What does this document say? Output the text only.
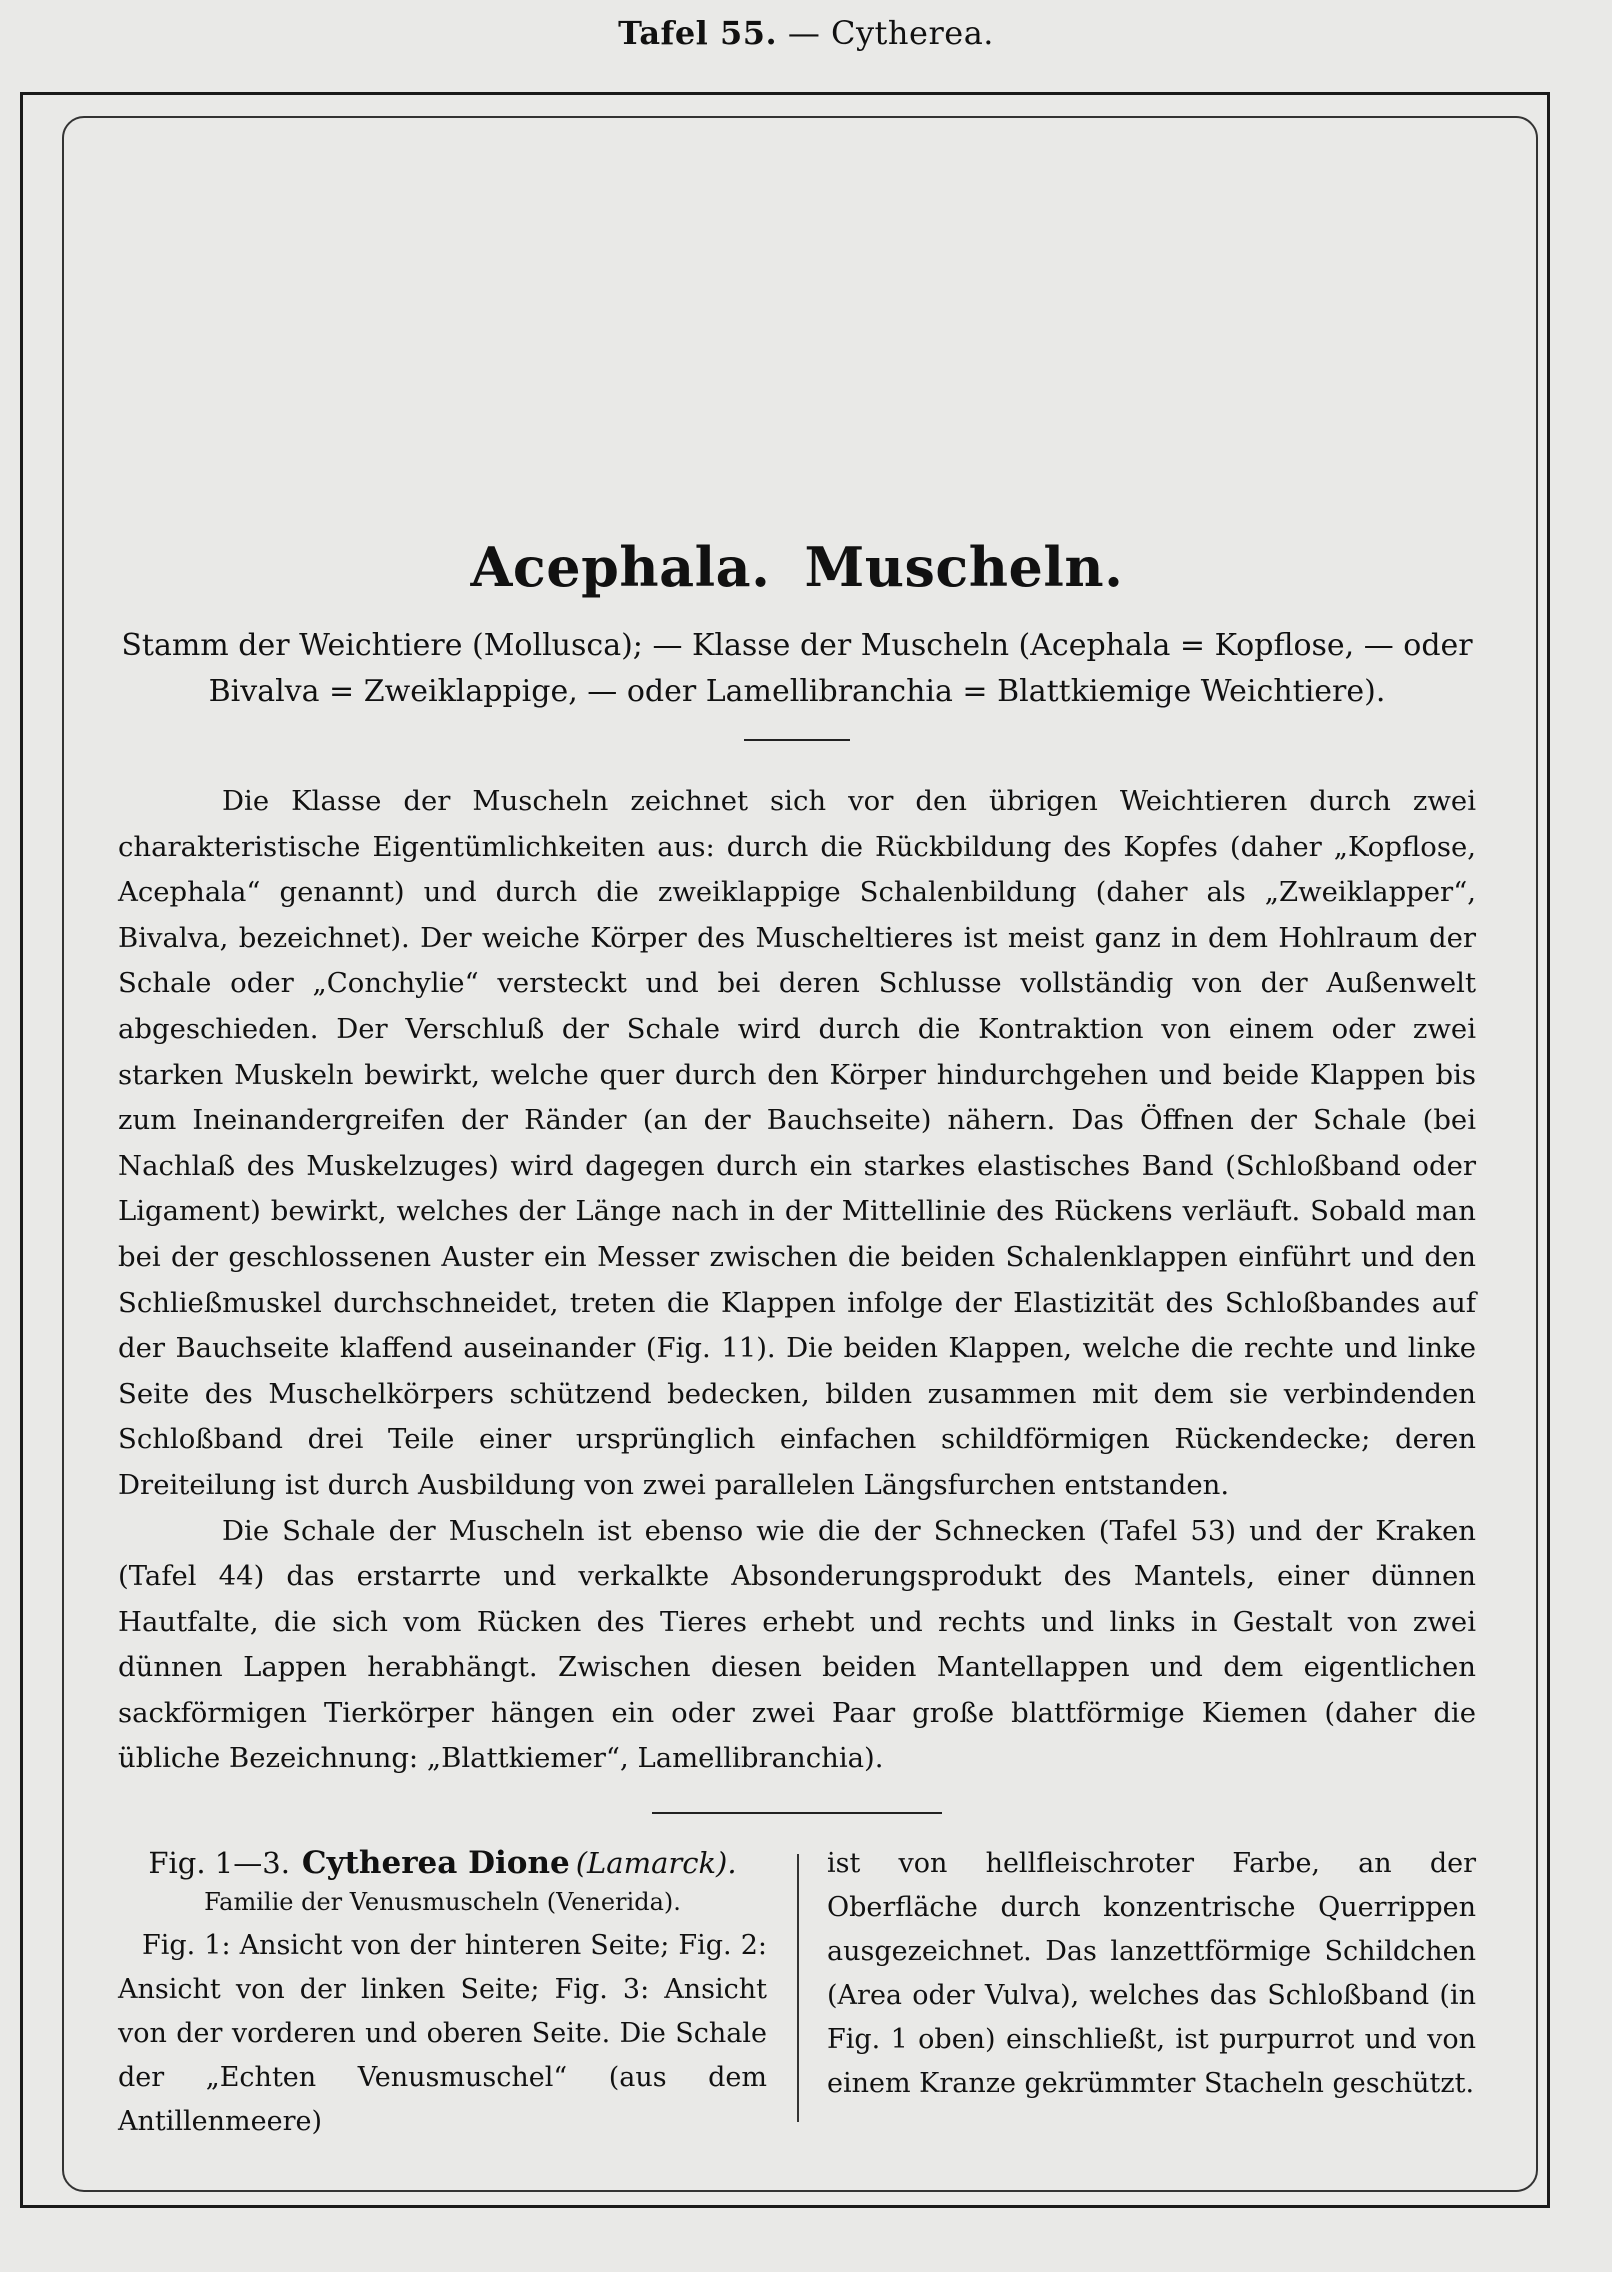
Tafel 55. — Cytherea.
Acephala. Muscheln.

Stamm der Weichtiere (Mollusca); — Klasse der Muscheln (Acephala = Kopflose, — oder Bivalva = Zweiklappige, — oder Lamellibranchia = Blattkiemige Weichtiere).

Die Klasse der Muscheln zeichnet sich vor den übrigen Weichtieren durch zwei charakteristische Eigentümlichkeiten aus: durch die Rückbildung des Kopfes (daher „Kopflose, Acephala“ genannt) und durch die zweiklappige Schalenbildung (daher als „Zweiklapper“, Bivalva, bezeichnet). Der weiche Körper des Muscheltieres ist meist ganz in dem Hohlraum der Schale oder „Conchylie“ versteckt und bei deren Schlusse vollständig von der Außenwelt abgeschieden. Der Verschluß der Schale wird durch die Kontraktion von einem oder zwei starken Muskeln bewirkt, welche quer durch den Körper hindurchgehen und beide Klappen bis zum Ineinandergreifen der Ränder (an der Bauchseite) nähern. Das Öffnen der Schale (bei Nachlaß des Muskelzuges) wird dagegen durch ein starkes elastisches Band (Schloßband oder Ligament) bewirkt, welches der Länge nach in der Mittellinie des Rückens verläuft. Sobald man bei der geschlossenen Auster ein Messer zwischen die beiden Schalenklappen einführt und den Schließmuskel durchschneidet, treten die Klappen infolge der Elastizität des Schloßbandes auf der Bauchseite klaffend auseinander (Fig. 11). Die beiden Klappen, welche die rechte und linke Seite des Muschelkörpers schützend bedecken, bilden zusammen mit dem sie verbindenden Schloßband drei Teile einer ursprünglich einfachen schildförmigen Rückendecke; deren Dreiteilung ist durch Ausbildung von zwei parallelen Längsfurchen entstanden.

Die Schale der Muscheln ist ebenso wie die der Schnecken (Tafel 53) und der Kraken (Tafel 44) das erstarrte und verkalkte Absonderungsprodukt des Mantels, einer dünnen Hautfalte, die sich vom Rücken des Tieres erhebt und rechts und links in Gestalt von zwei dünnen Lappen herabhängt. Zwischen diesen beiden Mantellappen und dem eigentlichen sackförmigen Tierkörper hängen ein oder zwei Paar große blattförmige Kiemen (daher die übliche Bezeichnung: „Blattkiemer“, Lamellibranchia).

Fig. 1—3. Cytherea Dione (Lamarck).

Familie der Venusmuscheln (Venerida).

Fig. 1: Ansicht von der hinteren Seite; Fig. 2: Ansicht von der linken Seite; Fig. 3: Ansicht von der vorderen und oberen Seite. Die Schale der „Echten Venusmuschel“ (aus dem Antillenmeere)

ist von hellfleischroter Farbe, an der Oberfläche durch konzentrische Querrippen ausgezeichnet. Das lanzettförmige Schildchen (Area oder Vulva), welches das Schloßband (in Fig. 1 oben) einschließt, ist purpurrot und von einem Kranze gekrümmter Stacheln geschützt.
